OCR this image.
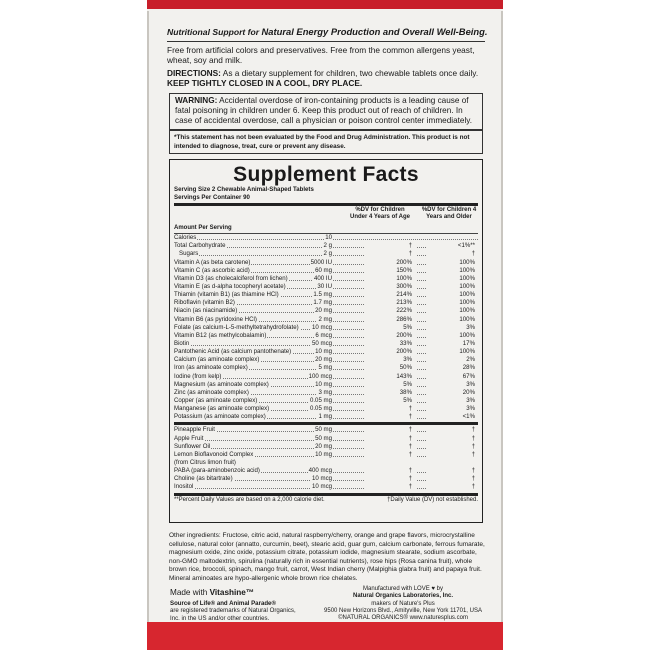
Nutritional Support for Natural Energy Production and Overall Well-Being.
Free from artificial colors and preservatives. Free from the common allergens yeast, wheat, soy and milk.
DIRECTIONS: As a dietary supplement for children, two chewable tablets once daily.
KEEP TIGHTLY CLOSED IN A COOL, DRY PLACE.
WARNING: Accidental overdose of iron-containing products is a leading cause of fatal poisoning in children under 6. Keep this product out of reach of children. In case of accidental overdose, call a physician or poison control center immediately.
*This statement has not been evaluated by the Food and Drug Administration. This product is not intended to diagnose, treat, cure or prevent any disease.
Supplement Facts
Serving Size 2 Chewable Animal-Shaped Tablets
Servings Per Container 90
%DV for Children Under 4 Years of Age
%DV for Children 4 Years and Older
Amount Per Serving
Calories	10
Total Carbohydrate	2 g	†	<1%**
Sugars	2 g	†	†
Vitamin A (as beta carotene)	5000 IU	200%	100%
Vitamin C (as ascorbic acid)	60 mg	150%	100%
Vitamin D3 (as cholecalciferol from lichen)	400 IU	100%	100%
Vitamin E (as d-alpha tocopheryl acetate)	30 IU	300%	100%
Thiamin (vitamin B1) (as thiamine HCl)	1.5 mg	214%	100%
Riboflavin (vitamin B2)	1.7 mg	213%	100%
Niacin (as niacinamide)	20 mg	222%	100%
Vitamin B6 (as pyridoxine HCl)	2 mg	286%	100%
Folate (as calcium-L-5-methyltetrahydrofolate) 10 mcg	5%	3%
Vitamin B12 (as methylcobalamin)	6 mcg	200%	100%
Biotin	50 mcg	33%	17%
Pantothenic Acid (as calcium pantothenate)	10 mg	200%	100%
Calcium (as aminoate complex)	20 mg	3%	2%
Iron (as aminoate complex)	5 mg	50%	28%
Iodine (from kelp)	100 mcg	143%	67%
Magnesium (as aminoate complex)	10 mg	5%	3%
Zinc (as aminoate complex)	3 mg	38%	20%
Copper (as aminoate complex)	0.05 mg	5%	3%
Manganese (as aminoate complex)	0.05 mg	†	3%
Potassium (as aminoate complex)	1 mg	†	<1%
Pineapple Fruit	50 mg	†	†
Apple Fruit	50 mg	†	†
Sunflower Oil	20 mg	†	†
Lemon Bioflavonoid Complex	10 mg	†	†
(from Citrus limon fruit)
PABA (para-aminobenzoic acid)	400 mcg	†	†
Choline (as bitartrate)	10 mcg	†	†
Inositol	10 mcg	†	†
**Percent Daily Values are based on a 2,000 calorie diet.	†Daily Value (DV) not established.
Other ingredients: Fructose, citric acid, natural raspberry/cherry, orange and grape flavors, microcrystalline cellulose, natural color (annatto, curcumin, beet), stearic acid, guar gum, calcium carbonate, ferrous fumarate, magnesium oxide, zinc oxide, potassium citrate, potassium iodide, magnesium stearate, sodium ascorbate, non-GMO maltodextrin, spirulina (naturally rich in essential nutrients), rose hips (Rosa canina fruit), whole brown rice, broccoli, spinach, mango fruit, carrot, West Indian cherry (Malpighia glabra fruit) and papaya fruit. Mineral aminoates are hypo-allergenic whole brown rice chelates.
Made with Vitashine™
Source of Life® and Animal Parade®
are registered trademarks of Natural Organics, Inc. in the US and/or other countries.
Manufactured with LOVE ♥ by
Natural Organics Laboratories, Inc.
makers of Nature's Plus
9500 New Horizons Blvd., Amityville, New York 11701, USA
©NATURAL ORGANICS® www.naturesplus.com
